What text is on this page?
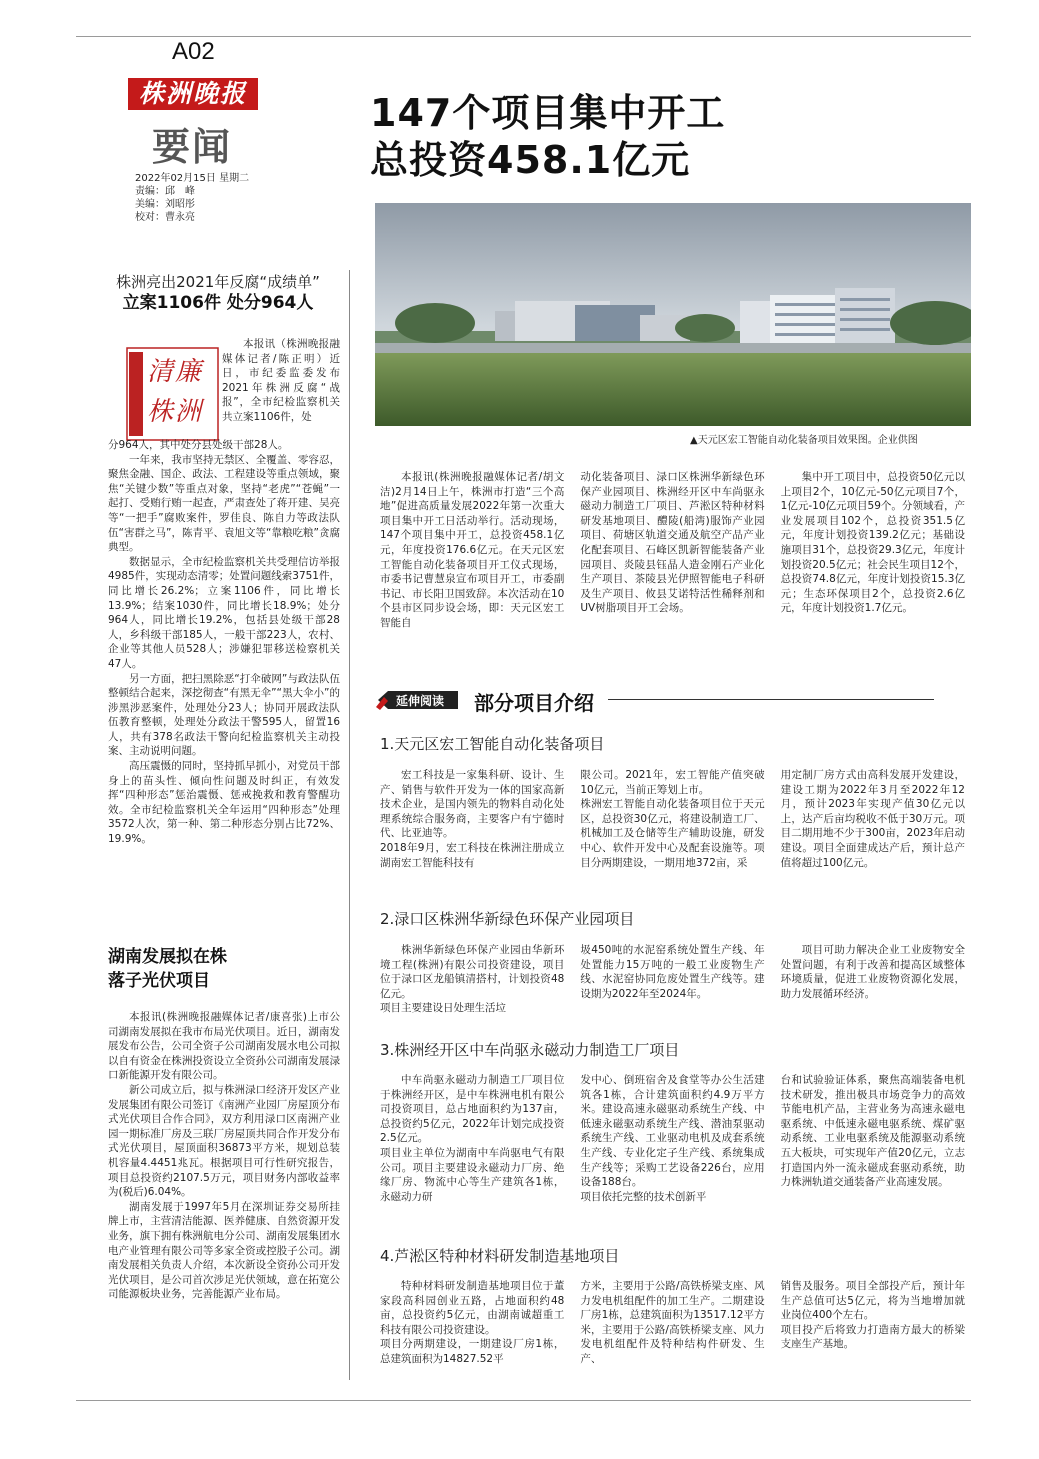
A02
株洲晚报
要闻
2022年02月15日 星期二
责编：邱　峰
美编：刘昭彤
校对：曹永亮
147个项目集中开工
总投资458.1亿元
▲天元区宏工智能自动化装备项目效果图。企业供图
株洲亮出2021年反腐“成绩单”
立案1106件 处分964人
清廉株洲

本报讯（株洲晚报融媒体记者/陈正明）近日，市纪委监委发布2021年株洲反腐“战报”，全市纪检监察机关共立案1106件，处

分964人，其中处分县处级干部28人。

一年来，我市坚持无禁区、全覆盖、零容忍，聚焦金融、国企、政法、工程建设等重点领域，聚焦“关键少数”等重点对象，坚持“老虎”“苍蝇”一起打、受贿行贿一起查，严肃查处了蒋开建、吴亮等“一把手”腐败案件，罗佳良、陈自力等政法队伍“害群之马”，陈青平、袁旭文等“靠粮吃粮”贪腐典型。

数据显示，全市纪检监察机关共受理信访举报4985件，实现动态清零；处置问题线索3751件，同比增长26.2%；立案1106件，同比增长13.9%；结案1030件，同比增长18.9%；处分964人，同比增长19.2%，包括县处级干部28人，乡科级干部185人，一般干部223人，农村、企业等其他人员528人；涉嫌犯罪移送检察机关47人。

另一方面，把扫黑除恶“打伞破网”与政法队伍整顿结合起来，深挖彻查“有黑无伞”“黑大伞小”的涉黑涉恶案件，处理处分23人；协同开展政法队伍教育整顿，处理处分政法干警595人，留置16人，共有378名政法干警向纪检监察机关主动投案、主动说明问题。

高压震慑的同时，坚持抓早抓小，对党员干部身上的苗头性、倾向性问题及时纠正，有效发挥“四种形态”惩治震慑、惩戒挽救和教育警醒功效。全市纪检监察机关全年运用“四种形态”处理3572人次，第一种、第二种形态分别占比72%、19.9%。

湖南发展拟在株
落子光伏项目

本报讯(株洲晚报融媒体记者/康喜张)上市公司湖南发展拟在我市布局光伏项目。近日，湖南发展发布公告，公司全资子公司湖南发展水电公司拟以自有资金在株洲投资设立全资孙公司湖南发展渌口新能源开发有限公司。

新公司成立后，拟与株洲渌口经济开发区产业发展集团有限公司签订《南洲产业园厂房屋顶分布式光伏项目合作合同》，双方利用渌口区南洲产业园一期标准厂房及三联厂房屋顶共同合作开发分布式光伏项目，屋顶面积36873平方米，规划总装机容量4.4451兆瓦。根据项目可行性研究报告，项目总投资约2107.5万元，项目财务内部收益率为(税后)6.04%。

湖南发展于1997年5月在深圳证券交易所挂牌上市，主营清洁能源、医养健康、自然资源开发业务，旗下拥有株洲航电分公司、湖南发展集团水电产业管理有限公司等多家全资或控股子公司。湖南发展相关负责人介绍，本次新设全资孙公司开发光伏项目，是公司首次涉足光伏领域，意在拓宽公司能源板块业务，完善能源产业布局。

本报讯(株洲晚报融媒体记者/胡文洁)2月14日上午，株洲市打造“三个高地”促进高质量发展2022年第一次重大项目集中开工日活动举行。活动现场，147个项目集中开工，总投资458.1亿元，年度投资176.6亿元。在天元区宏工智能自动化装备项目开工仪式现场，市委书记曹慧泉宣布项目开工，市委副书记、市长阳卫国致辞。本次活动在10个县市区同步设会场，即：天元区宏工智能自

动化装备项目、渌口区株洲华新绿色环保产业园项目、株洲经开区中车尚驱永磁动力制造工厂项目、芦淞区特种材料研发基地项目、醴陵(船湾)服饰产业园项目、荷塘区轨道交通及航空产品产业化配套项目、石峰区凯新智能装备产业园项目、炎陵县钰晶人造金刚石产业化生产项目、茶陵县光伊照智能电子科研及生产项目、攸县艾诺特活性稀释剂和UV树脂项目开工会场。

集中开工项目中，总投资50亿元以上项目2个，10亿元-50亿元项目7个，1亿元-10亿元项目59个。分领域看，产业发展项目102个，总投资351.5亿元，年度计划投资139.2亿元；基础设施项目31个，总投资29.3亿元，年度计划投资20.5亿元；社会民生项目12个，总投资74.8亿元，年度计划投资15.3亿元；生态环保项目2个，总投资2.6亿元，年度计划投资1.7亿元。

延伸阅读 部分项目介绍
1.天元区宏工智能自动化装备项目

宏工科技是一家集科研、设计、生产、销售与软件开发为一体的国家高新技术企业，是国内领先的物料自动化处理系统综合服务商，主要客户有宁德时代、比亚迪等。
2018年9月，宏工科技在株洲注册成立湖南宏工智能科技有

限公司。2021年，宏工智能产值突破10亿元，当前正筹划上市。
株洲宏工智能自动化装备项目位于天元区，总投资30亿元，将建设制造工厂、机械加工及仓储等生产辅助设施，研发中心、软件开发中心及配套设施等。项目分两期建设，一期用地372亩，采

用定制厂房方式由高科发展开发建设，建设工期为2022年3月至2022年12月，预计2023年实现产值30亿元以上，达产后亩均税收不低于30万元。项目二期用地不少于300亩，2023年启动建设。项目全面建成达产后，预计总产值将超过100亿元。

2.渌口区株洲华新绿色环保产业园项目

株洲华新绿色环保产业园由华新环境工程(株洲)有限公司投资建设，项目位于渌口区龙船镇清搭村，计划投资48亿元。
项目主要建设日处理生活垃

圾450吨的水泥窑系统处置生产线、年处置能力15万吨的一般工业废物生产线、水泥窑协同危废处置生产线等。建设期为2022年至2024年。

项目可助力解决企业工业废物安全处置问题，有利于改善和提高区域整体环境质量，促进工业废物资源化发展，助力发展循环经济。

3.株洲经开区中车尚驱永磁动力制造工厂项目

中车尚驱永磁动力制造工厂项目位于株洲经开区，是中车株洲电机有限公司投资项目，总占地面积约为137亩，总投资约5亿元，2022年计划完成投资2.5亿元。
项目业主单位为湖南中车尚驱电气有限公司。项目主要建设永磁动力厂房、绝缘厂房、物流中心等生产建筑各1栋，永磁动力研

发中心、倒班宿舍及食堂等办公生活建筑各1栋，合计建筑面积约4.9万平方米。建设高速永磁驱动系统生产线、中低速永磁驱动系统生产线、潜油泵驱动系统生产线、工业驱动电机及成套系统生产线、专业化定子生产线、系统集成生产线等；采购工艺设备226台，应用设备188台。
项目依托完整的技术创新平

台和试验验证体系，聚焦高端装备电机技术研发，推出极具市场竞争力的高效节能电机产品，主营业务为高速永磁电驱系统、中低速永磁电驱系统、煤矿驱动系统、工业电驱系统及能源驱动系统五大板块，可实现年产值20亿元，立志打造国内外一流永磁成套驱动系统，助力株洲轨道交通装备产业高速发展。

4.芦淞区特种材料研发制造基地项目

特种材料研发制造基地项目位于董家段高科园创业五路，占地面积约48亩，总投资约5亿元，由湖南诚超重工科技有限公司投资建设。
项目分两期建设，一期建设厂房1栋，总建筑面积为14827.52平

方米，主要用于公路/高铁桥梁支座、风力发电机组配件的加工生产。二期建设厂房1栋，总建筑面积为13517.12平方米，主要用于公路/高铁桥梁支座、风力发电机组配件及特种结构件研发、生产、

销售及服务。项目全部投产后，预计年生产总值可达5亿元，将为当地增加就业岗位400个左右。
项目投产后将致力打造南方最大的桥梁支座生产基地。
